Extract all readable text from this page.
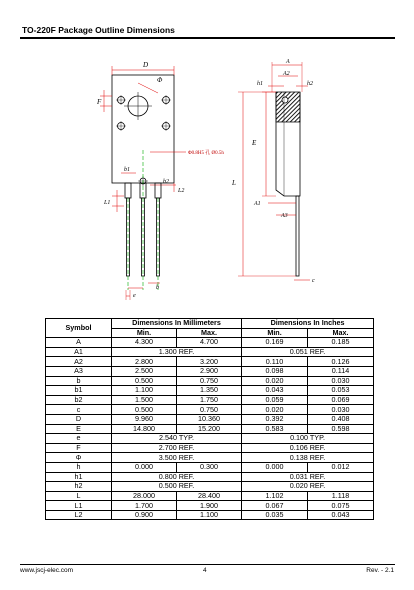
TO-220F Package Outline Dimensions
D
Φ
F
Φ0.8H5 孔 Ø0.5h
b1
b2
L2
L1
e
b
A
A2
h1	h2
E
L
A1
A3
c
Symbol	Dimensions In Millimeters		Dimensions In Inches	
	Min.	Max.	Min.	Max.
A	4.300	4.700	0.169	0.185
A1	1.300 REF.		0.051 REF.	
A2	2.800	3.200	0.110	0.126
A3	2.500	2.900	0.098	0.114
b	0.500	0.750	0.020	0.030
b1	1.100	1.350	0.043	0.053
b2	1.500	1.750	0.059	0.069
c	0.500	0.750	0.020	0.030
D	9.960	10.360	0.392	0.408
E	14.800	15.200	0.583	0.598
e	2.540 TYP.		0.100 TYP.	
F	2.700 REF.		0.106 REF.	
Φ	3.500 REF.		0.138 REF.	
h	0.000	0.300	0.000	0.012
h1	0.800 REF.		0.031 REF.	
h2	0.500 REF.		0.020 REF.	
L	28.000	28.400	1.102	1.118
L1	1.700	1.900	0.067	0.075
L2	0.900	1.100	0.035	0.043
www.jscj-elec.com	4	Rev. - 2.1
